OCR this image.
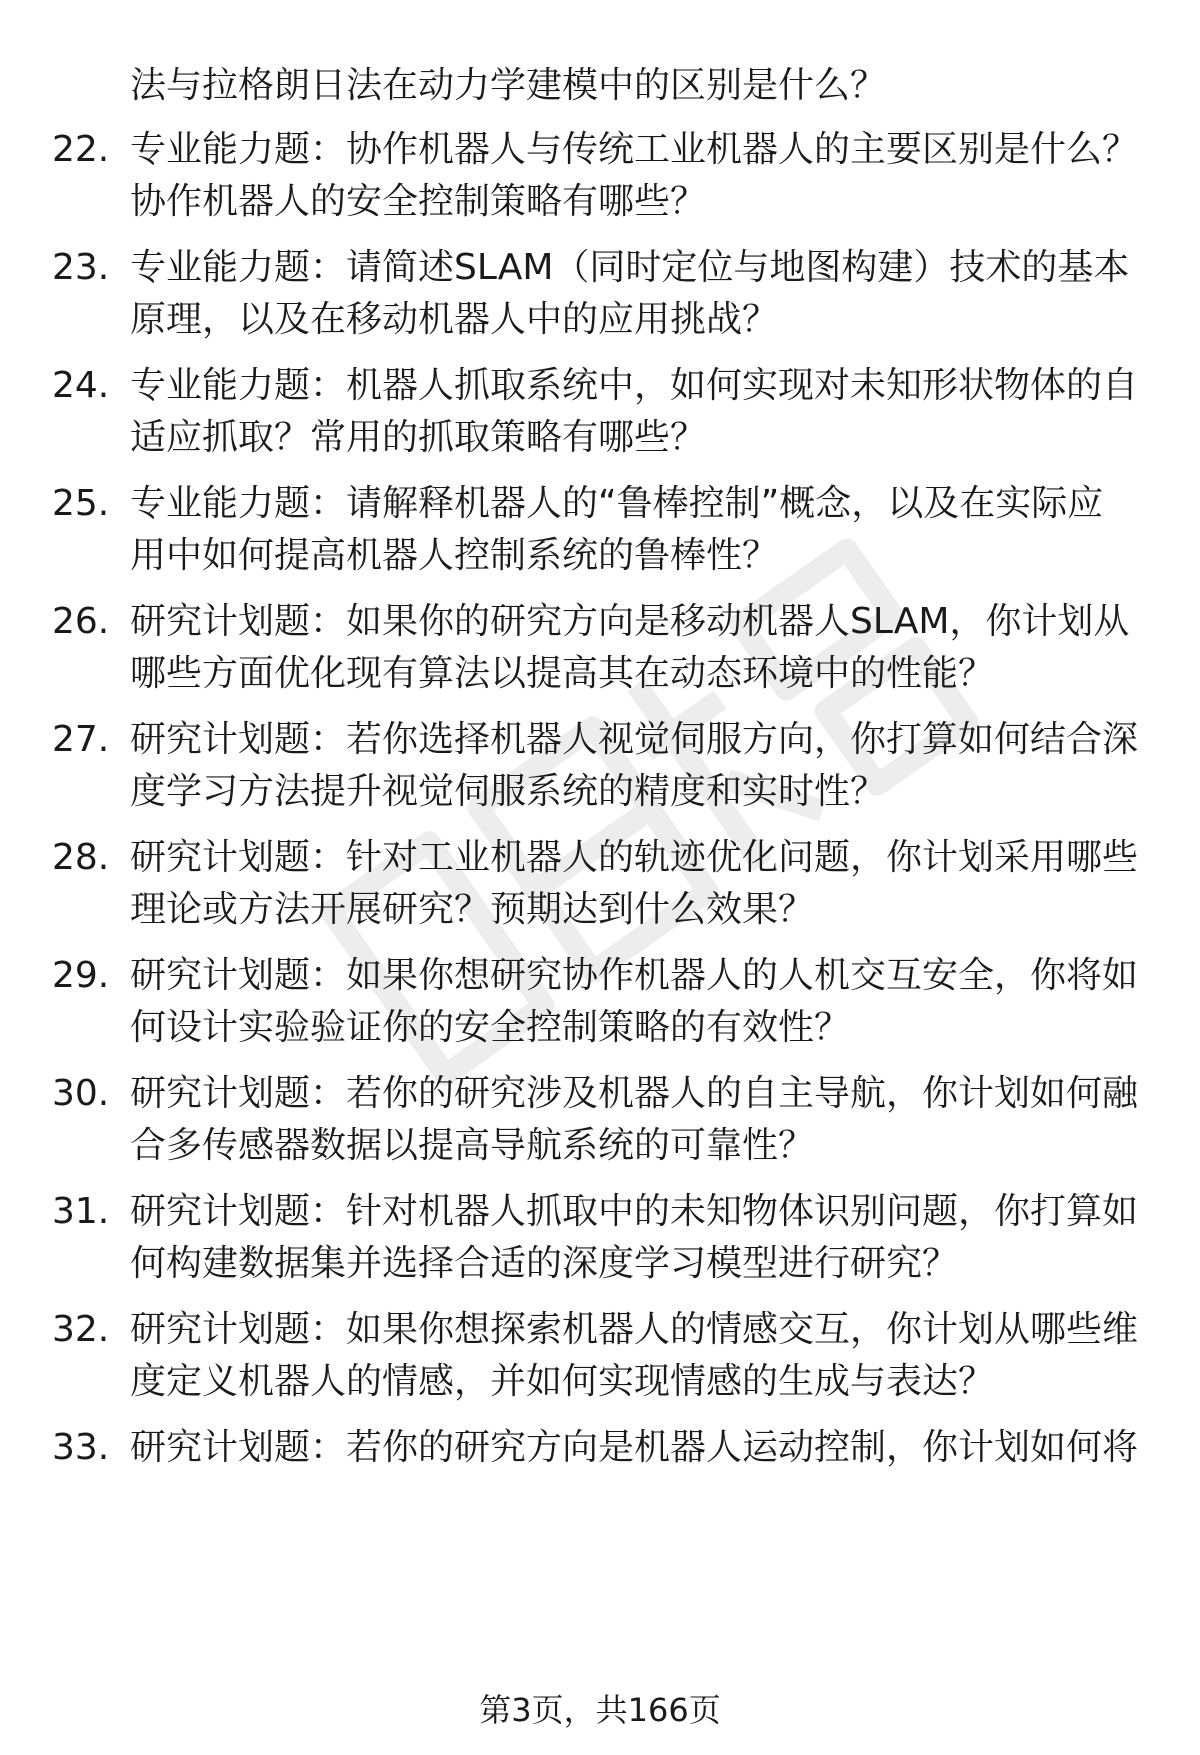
法与拉格朗日法在动力学建模中的区别是什么？
22. 专业能力题：协作机器人与传统工业机器人的主要区别是什么？
协作机器人的安全控制策略有哪些？
23. 专业能力题：请简述SLAM（同时定位与地图构建）技术的基本
原理，以及在移动机器人中的应用挑战？
24. 专业能力题：机器人抓取系统中，如何实现对未知形状物体的自
适应抓取？常用的抓取策略有哪些？
25. 专业能力题：请解释机器人的“鲁棒控制”概念，以及在实际应
用中如何提高机器人控制系统的鲁棒性？
26. 研究计划题：如果你的研究方向是移动机器人SLAM，你计划从
哪些方面优化现有算法以提高其在动态环境中的性能？
27. 研究计划题：若你选择机器人视觉伺服方向，你打算如何结合深
度学习方法提升视觉伺服系统的精度和实时性？
28. 研究计划题：针对工业机器人的轨迹优化问题，你计划采用哪些
理论或方法开展研究？预期达到什么效果？
29. 研究计划题：如果你想研究协作机器人的人机交互安全，你将如
何设计实验验证你的安全控制策略的有效性？
30. 研究计划题：若你的研究涉及机器人的自主导航，你计划如何融
合多传感器数据以提高导航系统的可靠性？
31. 研究计划题：针对机器人抓取中的未知物体识别问题，你打算如
何构建数据集并选择合适的深度学习模型进行研究？
32. 研究计划题：如果你想探索机器人的情感交互，你计划从哪些维
度定义机器人的情感，并如何实现情感的生成与表达？
33. 研究计划题：若你的研究方向是机器人运动控制，你计划如何将
第3页，共166页
